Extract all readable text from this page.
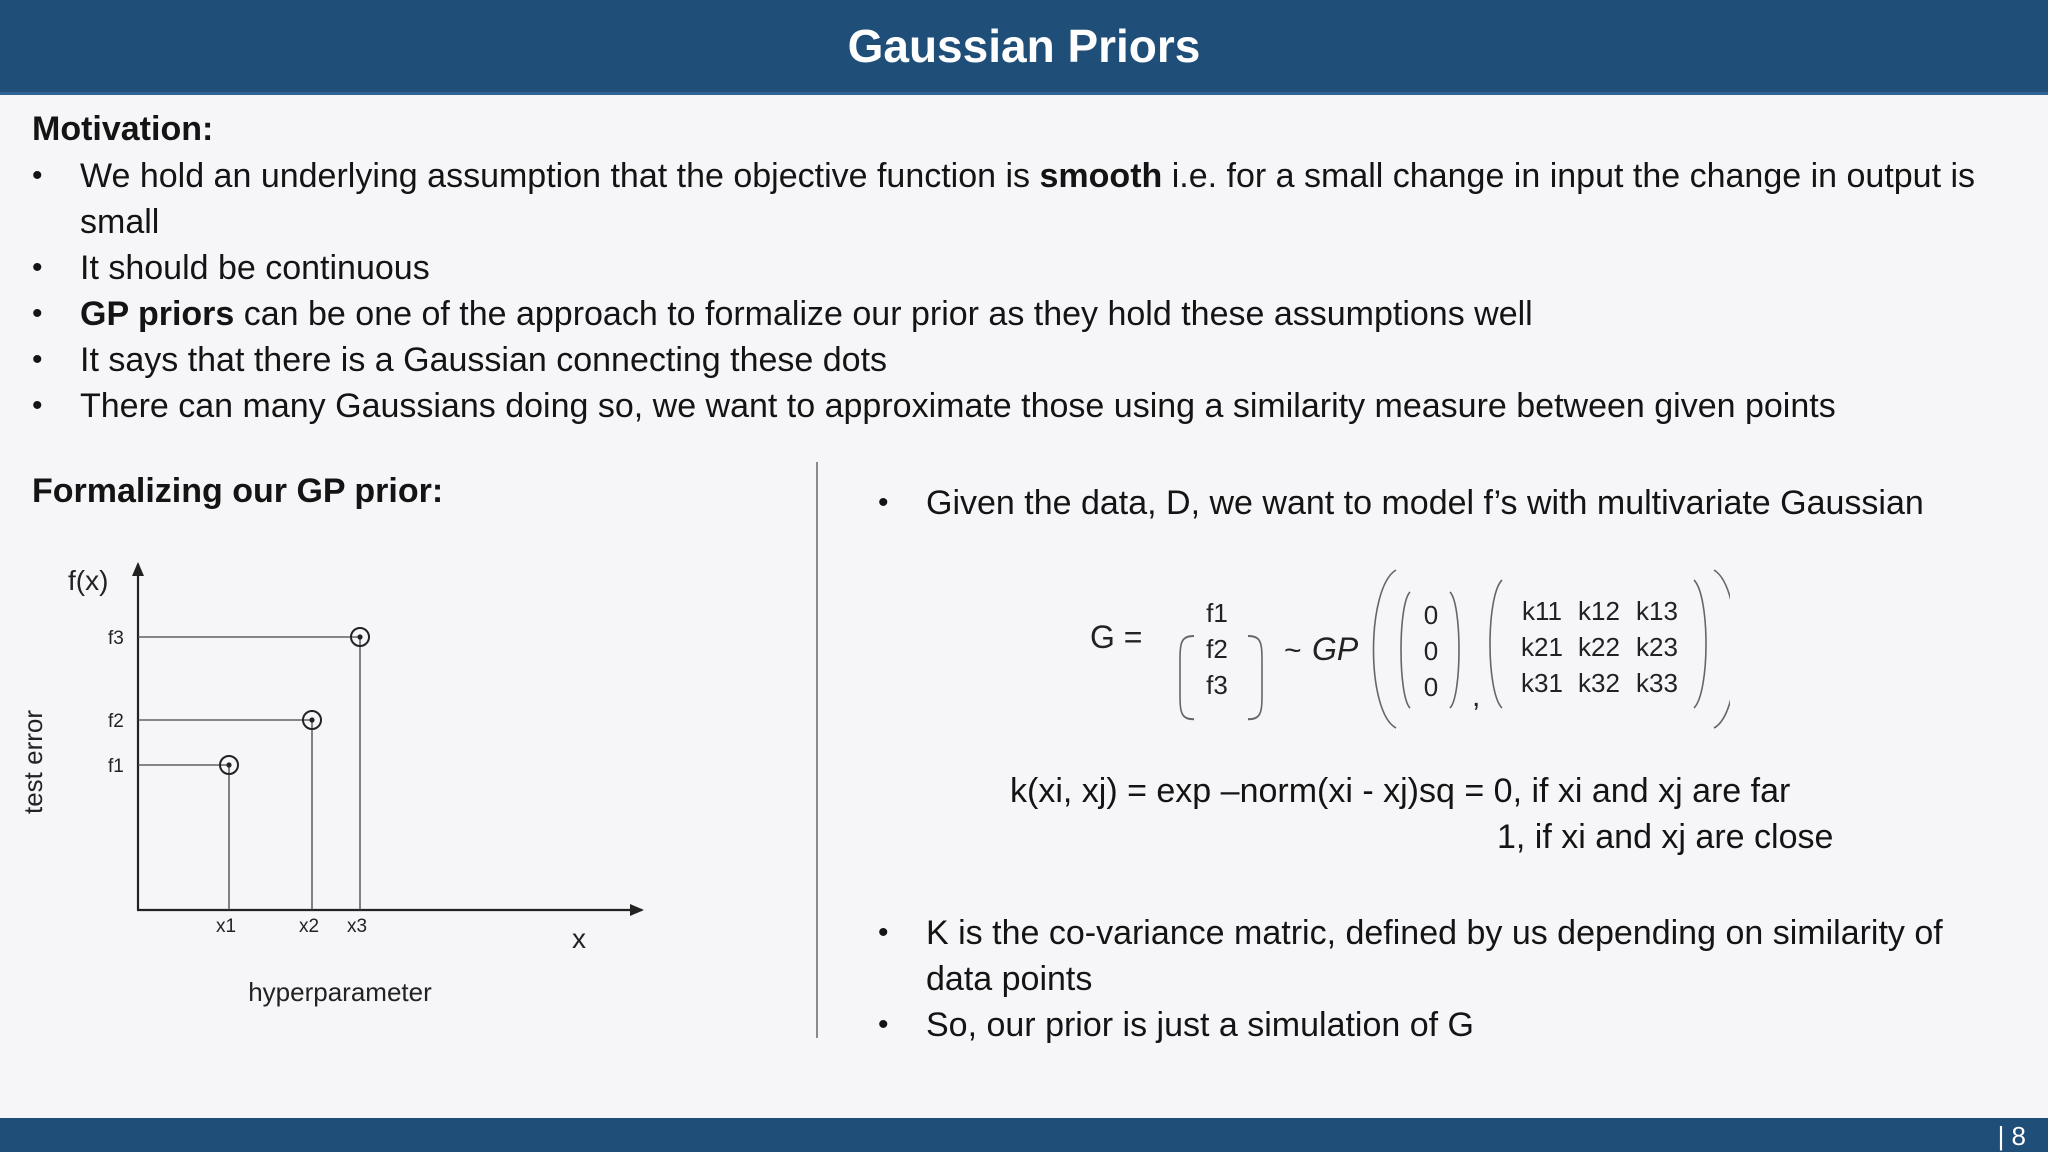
Gaussian Priors
Motivation:
• We hold an underlying assumption that the objective function is smooth i.e. for a small change in input the change in output is small
• It should be continuous
• GP priors can be one of the approach to formalize our prior as they hold these assumptions well
• It says that there is a Gaussian connecting these dots
• There can many Gaussians doing so, we want to approximate those using a similarity measure between given points
Formalizing our GP prior:
f(x)
test error
x
hyperparameter
x1
f1
x2
f2
x3
f3
• Given the data, D, we want to model f’s with multivariate Gaussian
G =
f1
f2
f3
~ GP
0
0
0 ,
k11 k12 k13
k21 k22 k23
k31 k32 k33
k(xi, xj) = exp –norm(xi - xj)sq = 0, if xi and xj are far
1, if xi and xj are close
• K is the co-variance matric, defined by us depending on similarity of data points
• So, our prior is just a simulation of G
| 8
